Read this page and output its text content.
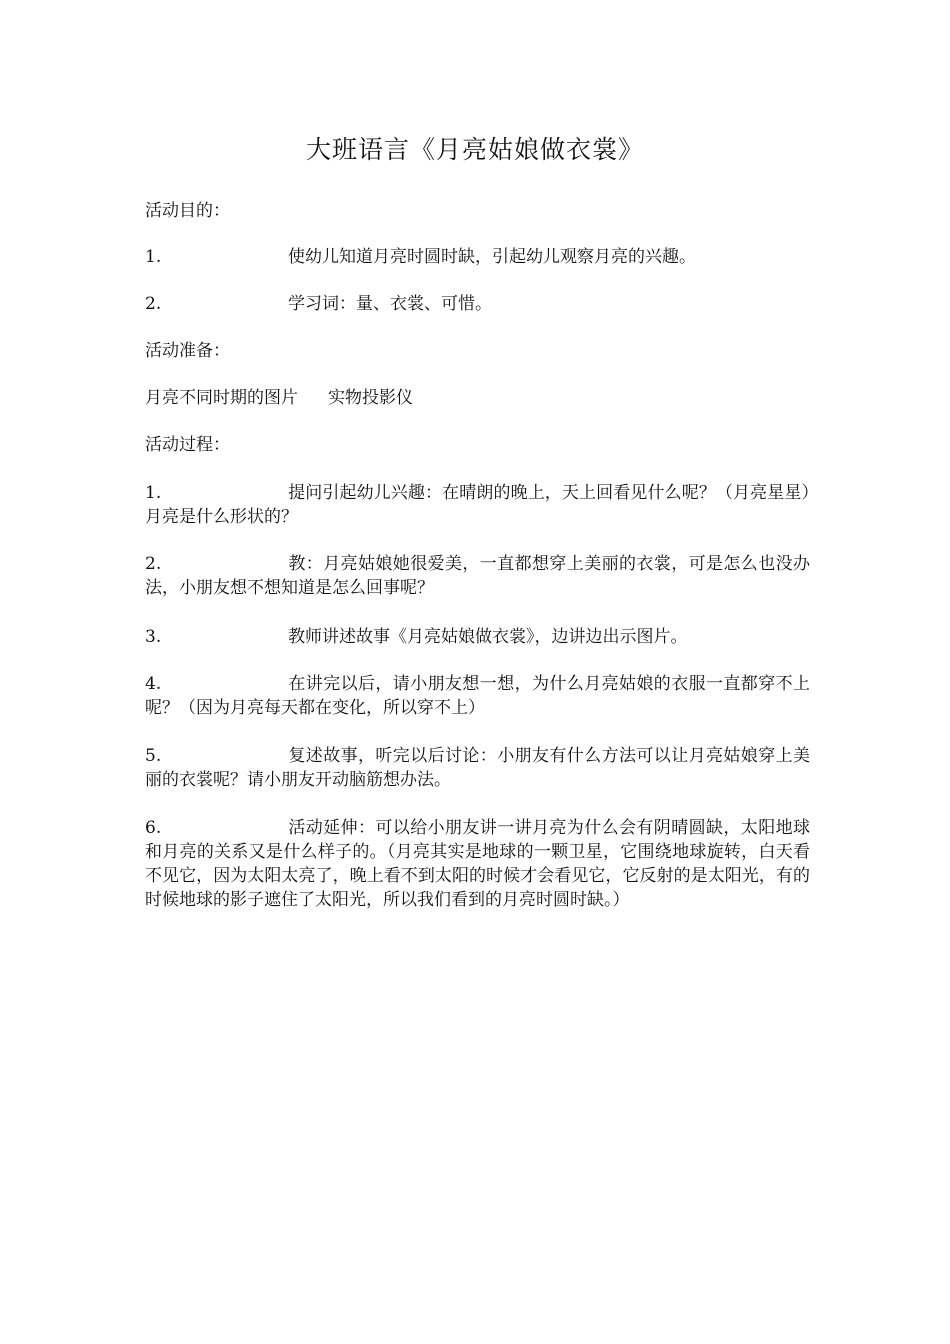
大班语言《月亮姑娘做衣裳》

活动目的：

1.	使幼儿知道月亮时圆时缺，引起幼儿观察月亮的兴趣。

2.	学习词：量、衣裳、可惜。

活动准备：

月亮不同时期的图片 实物投影仪

活动过程：

1.	提问引起幼儿兴趣：在晴朗的晚上，天上回看见什么呢？（月亮星星）月亮是什么形状的？

2.	教：月亮姑娘她很爱美，一直都想穿上美丽的衣裳，可是怎么也没办法，小朋友想不想知道是怎么回事呢？

3.	教师讲述故事《月亮姑娘做衣裳》，边讲边出示图片。

4.	在讲完以后，请小朋友想一想，为什么月亮姑娘的衣服一直都穿不上呢？（因为月亮每天都在变化，所以穿不上）

5.	复述故事，听完以后讨论：小朋友有什么方法可以让月亮姑娘穿上美丽的衣裳呢？请小朋友开动脑筋想办法。

6.	活动延伸：可以给小朋友讲一讲月亮为什么会有阴晴圆缺，太阳地球和月亮的关系又是什么样子的。（月亮其实是地球的一颗卫星，它围绕地球旋转，白天看不见它，因为太阳太亮了，晚上看不到太阳的时候才会看见它，它反射的是太阳光，有的时候地球的影子遮住了太阳光，所以我们看到的月亮时圆时缺。）
